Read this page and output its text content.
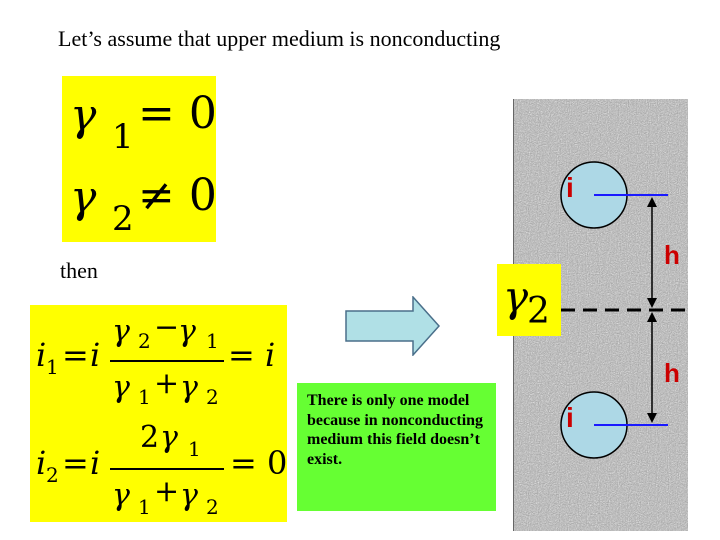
Let’s assume that upper medium is nonconducting
γ 1 = 0
γ 2 ≠ 0
then
i 1 = i
γ 2 −
γ 1
γ 1 + γ 2
= i
i 2 = i
2 γ 1
γ 1 + γ 2
= 0
There is only one model because in nonconducting medium this field doesn’t exist.
γ
2
i
i
h
h
